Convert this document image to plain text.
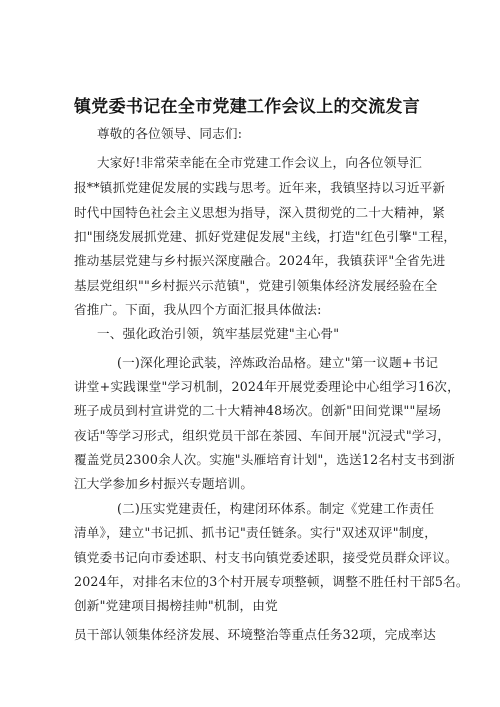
镇党委书记在全市党建工作会议上的交流发言
尊敬的各位领导、同志们:
大家好!非常荣幸能在全市党建工作会议上，向各位领导汇
报**镇抓党建促发展的实践与思考。近年来，我镇坚持以习近平新
时代中国特色社会主义思想为指导，深入贯彻党的二十大精神，紧
扣"围绕发展抓党建、抓好党建促发展"主线，打造"红色引擎"工程，
推动基层党建与乡村振兴深度融合。2024年，我镇获评"全省先进
基层党组织""乡村振兴示范镇"，党建引领集体经济发展经验在全
省推广。下面，我从四个方面汇报具体做法:
一、强化政治引领，筑牢基层党建"主心骨"
(一)深化理论武装，淬炼政治品格。建立"第一议题+书记
讲堂+实践课堂"学习机制，2024年开展党委理论中心组学习16次，
班子成员到村宣讲党的二十大精神48场次。创新"田间党课""屋场
夜话"等学习形式，组织党员干部在茶园、车间开展"沉浸式"学习，
覆盖党员2300余人次。实施"头雁培育计划"，选送12名村支书到浙
江大学参加乡村振兴专题培训。
(二)压实党建责任，构建闭环体系。制定《党建工作责任
清单》，建立"书记抓、抓书记"责任链条。实行"双述双评"制度，
镇党委书记向市委述职、村支书向镇党委述职，接受党员群众评议。
2024年，对排名末位的3个村开展专项整顿，调整不胜任村干部5名。
创新"党建项目揭榜挂帅"机制，由党
员干部认领集体经济发展、环境整治等重点任务32项，完成率达
